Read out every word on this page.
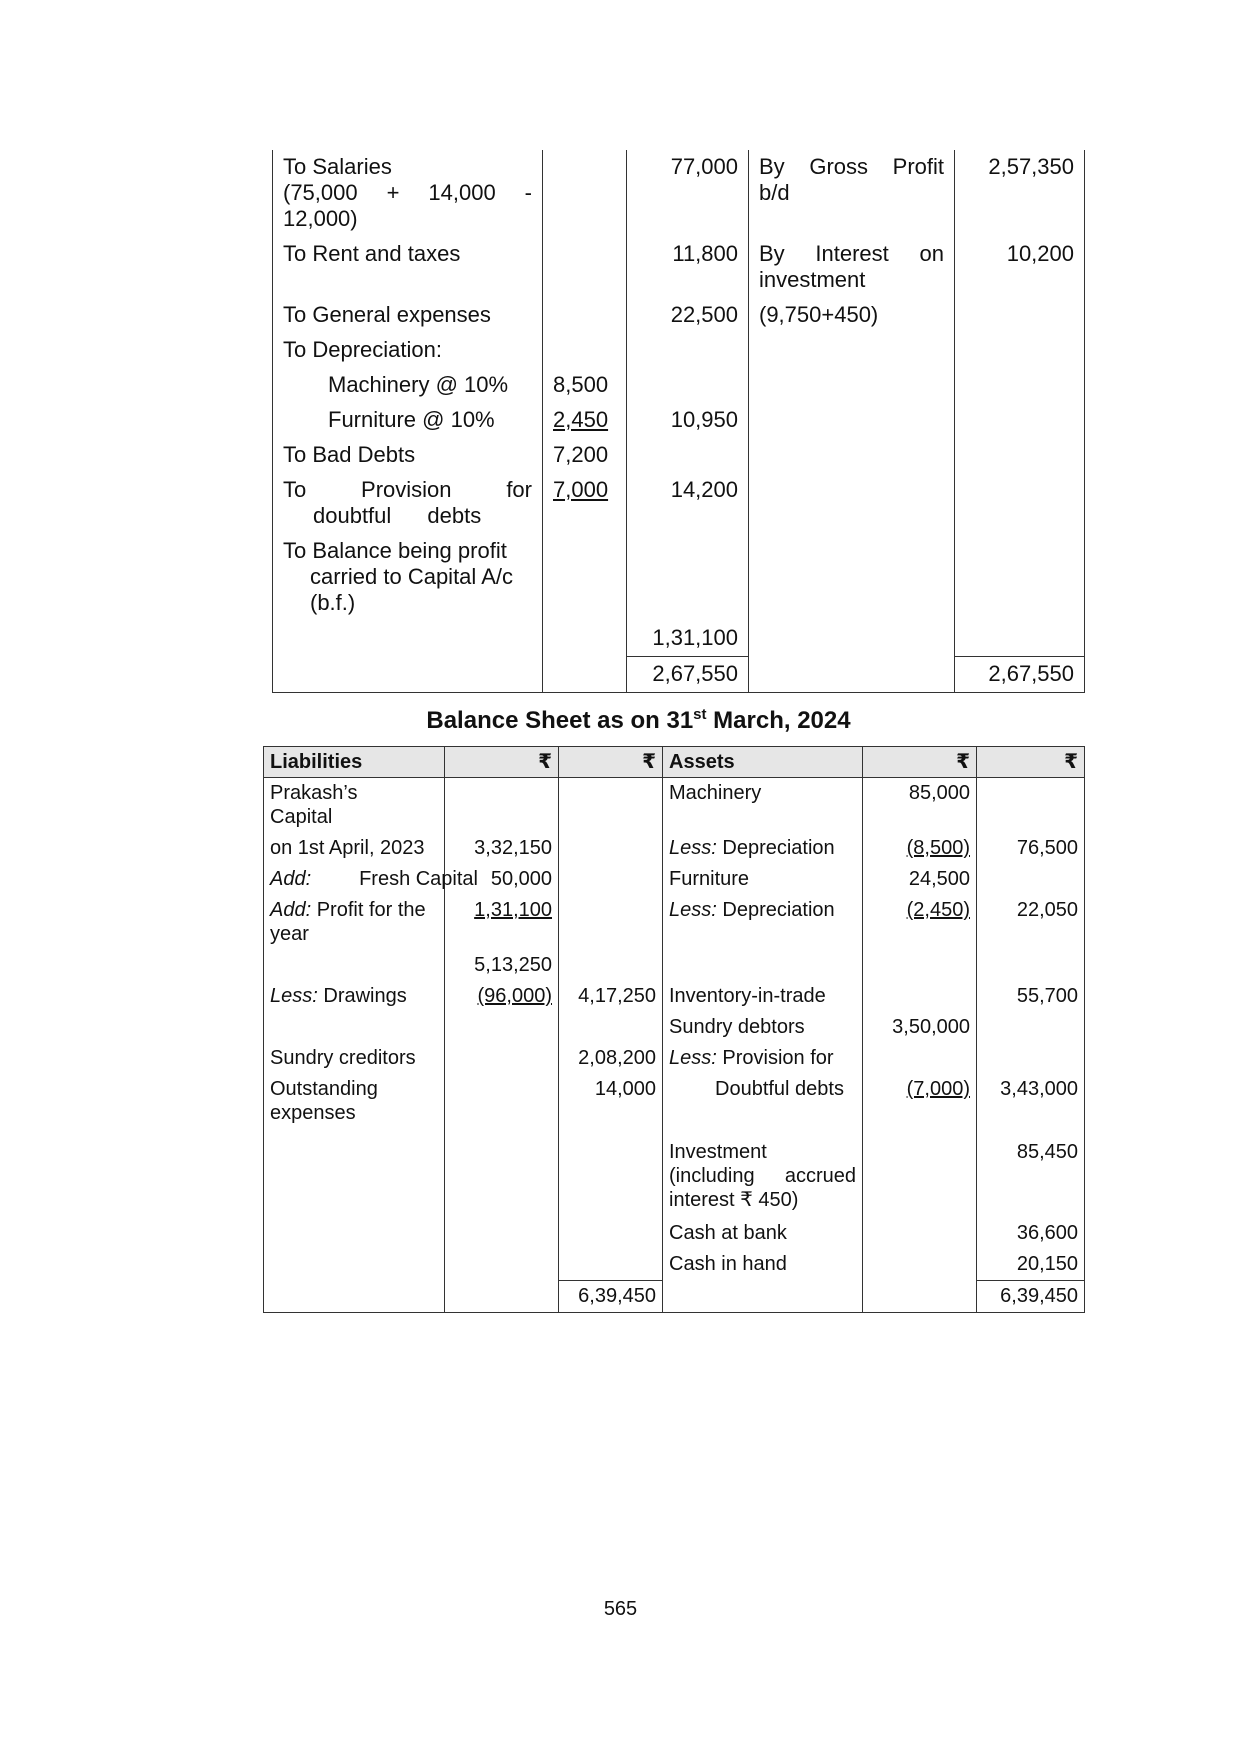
To Salaries
(75,000 + 14,000 - 12,000)		77,000	By Gross Profit b/d	2,57,350
To Rent and taxes		11,800	By Interest on investment	10,200
To General expenses		22,500	(9,750+450)	
To Depreciation:				
Machinery @ 10%	8,500			
Furniture @ 10%	2,450	10,950		
To Bad Debts	7,200			
To Provision for doubtful debts	7,000	14,200		
To Balance being profit carried to Capital A/c (b.f.)				
		1,31,100		
		2,67,550		2,67,550
Balance Sheet as on 31st March, 2024
Liabilities	₹	₹	Assets	₹	₹
Prakash’s Capital			Machinery	85,000	
on 1st April, 2023	3,32,150		Less: Depreciation	(8,500)	76,500

Add: Fresh Capital	50,000		Furniture	24,500	
Add: Profit for the year	1,31,100		Less: Depreciation	(2,450)	22,050
	5,13,250				
Less: Drawings	(96,000)	4,17,250	Inventory-in-trade		55,700
			Sundry debtors	3,50,000	
Sundry creditors		2,08,200	Less: Provision for		
Outstanding expenses		14,000	Doubtful debts	(7,000)	3,43,000
			Investment (including accrued interest ₹ 450)		85,450
			Cash at bank		36,600
			Cash in hand		20,150
		6,39,450			6,39,450
565
